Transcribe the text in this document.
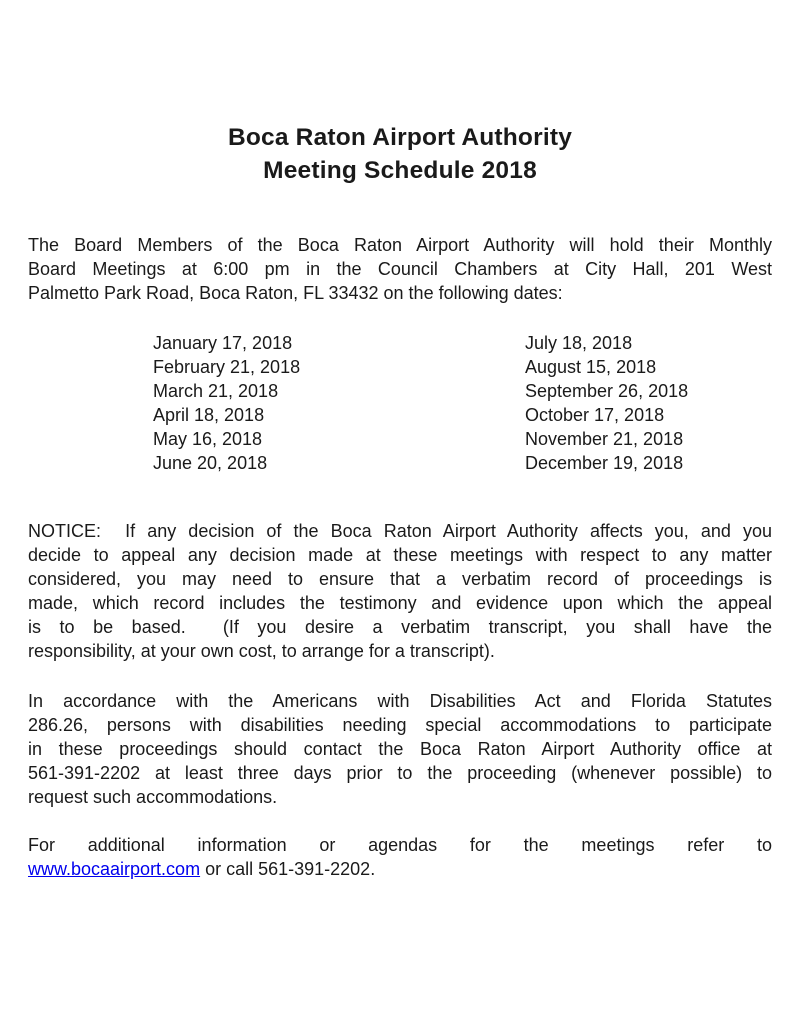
Boca Raton Airport Authority
Meeting Schedule 2018
The Board Members of the Boca Raton Airport Authority will hold their Monthly
Board Meetings at 6:00 pm in the Council Chambers at City Hall, 201 West
Palmetto Park Road, Boca Raton, FL 33432 on the following dates:
January 17, 2018	July 18, 2018
February 21, 2018	August 15, 2018
March 21, 2018	September 26, 2018
April 18, 2018	October 17, 2018
May 16, 2018	November 21, 2018
June 20, 2018	December 19, 2018
NOTICE:  If any decision of the Boca Raton Airport Authority affects you, and you
decide to appeal any decision made at these meetings with respect to any matter
considered, you may need to ensure that a verbatim record of proceedings is
made, which record includes the testimony and evidence upon which the appeal
is to be based.  (If you desire a verbatim transcript, you shall have the
responsibility, at your own cost, to arrange for a transcript).
In accordance with the Americans with Disabilities Act and Florida Statutes
286.26, persons with disabilities needing special accommodations to participate
in these proceedings should contact the Boca Raton Airport Authority office at
561-391-2202 at least three days prior to the proceeding (whenever possible) to
request such accommodations.
For additional information or agendas for the meetings refer to
www.bocaairport.com or call 561-391-2202.
